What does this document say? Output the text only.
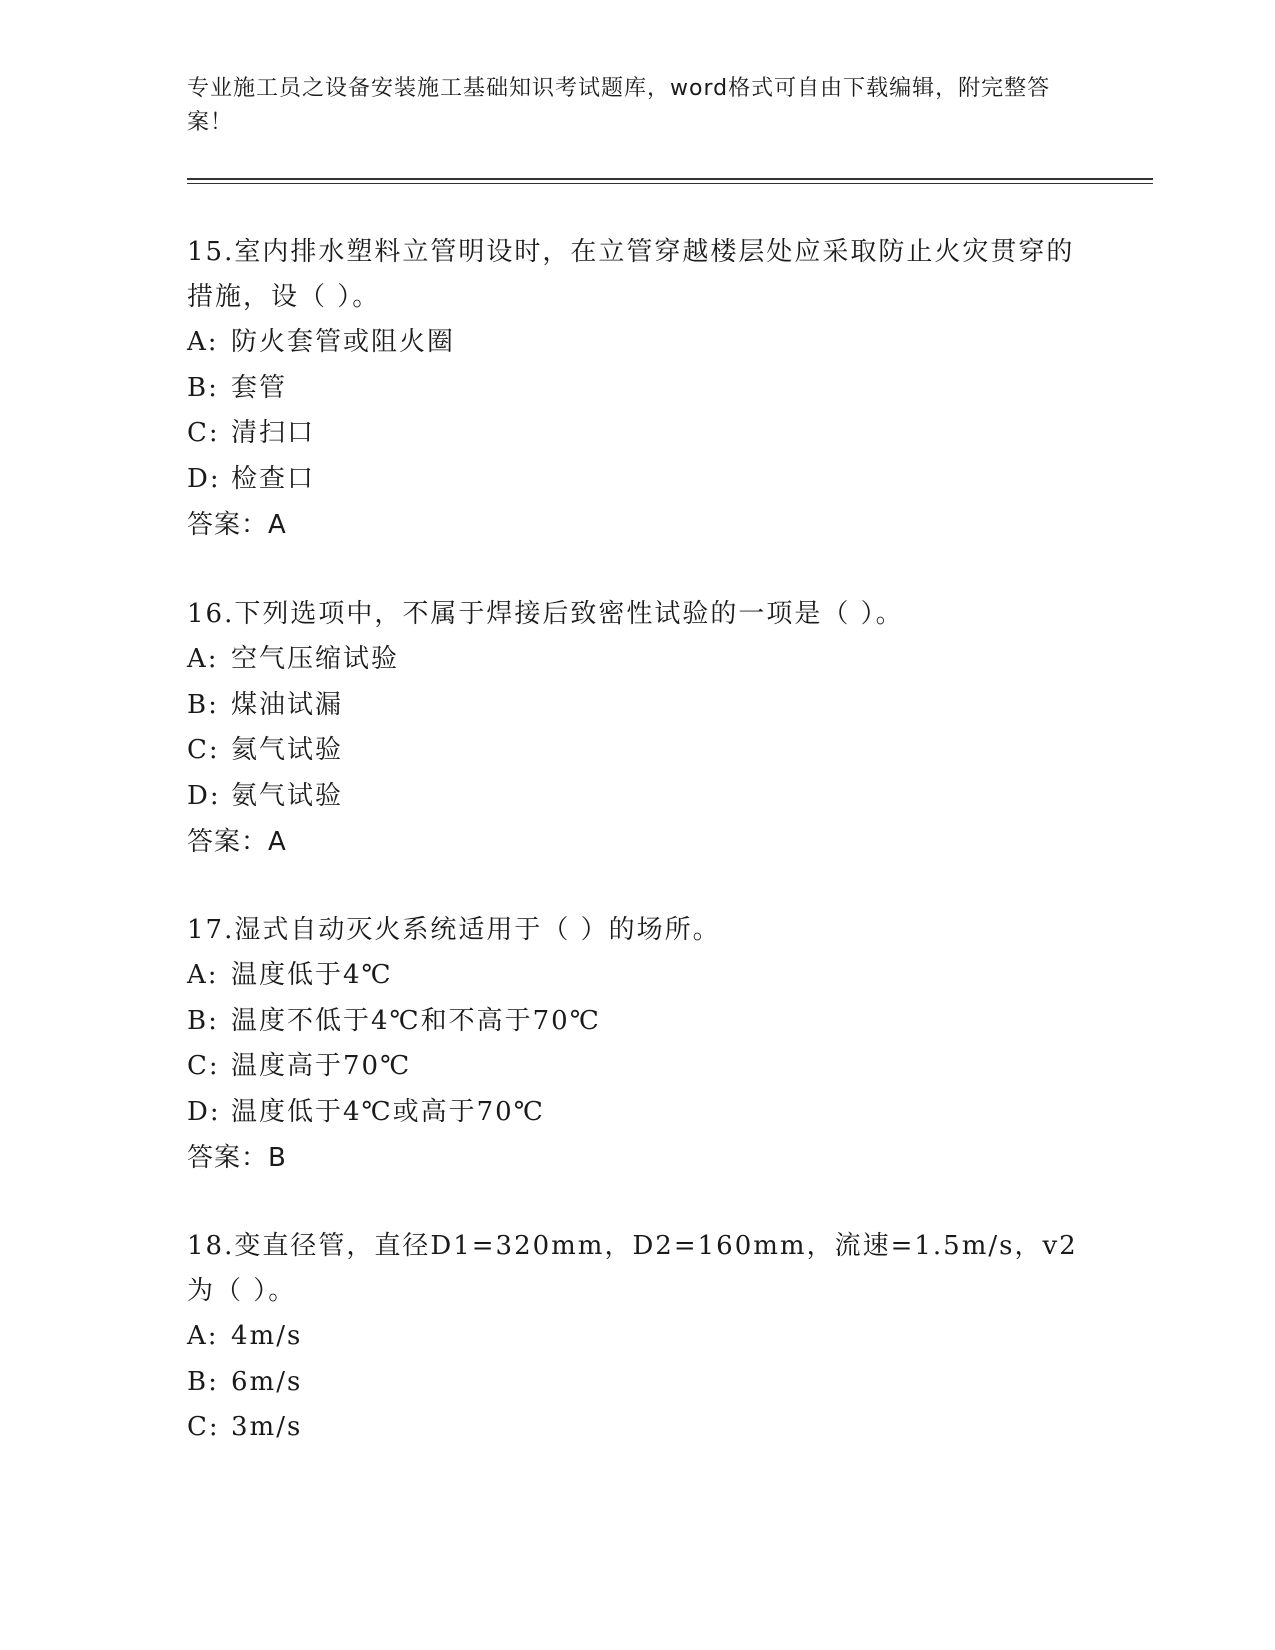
专业施工员之设备安装施工基础知识考试题库，word格式可自由下载编辑，附完整答案！
15.室内排水塑料立管明设时，在立管穿越楼层处应采取防止火灾贯穿的措施，设（ ）。
A: 防火套管或阻火圈
B: 套管
C: 清扫口
D: 检查口
答案：A
16.下列选项中，不属于焊接后致密性试验的一项是（ ）。
A: 空气压缩试验
B: 煤油试漏
C: 氦气试验
D: 氨气试验
答案：A
17.湿式自动灭火系统适用于（ ）的场所。
A: 温度低于4℃
B: 温度不低于4℃和不高于70℃
C: 温度高于70℃
D: 温度低于4℃或高于70℃
答案：B
18.变直径管，直径D1=320mm，D2=160mm，流速=1.5m/s，v2为（ ）。
A: 4m/s
B: 6m/s
C: 3m/s
